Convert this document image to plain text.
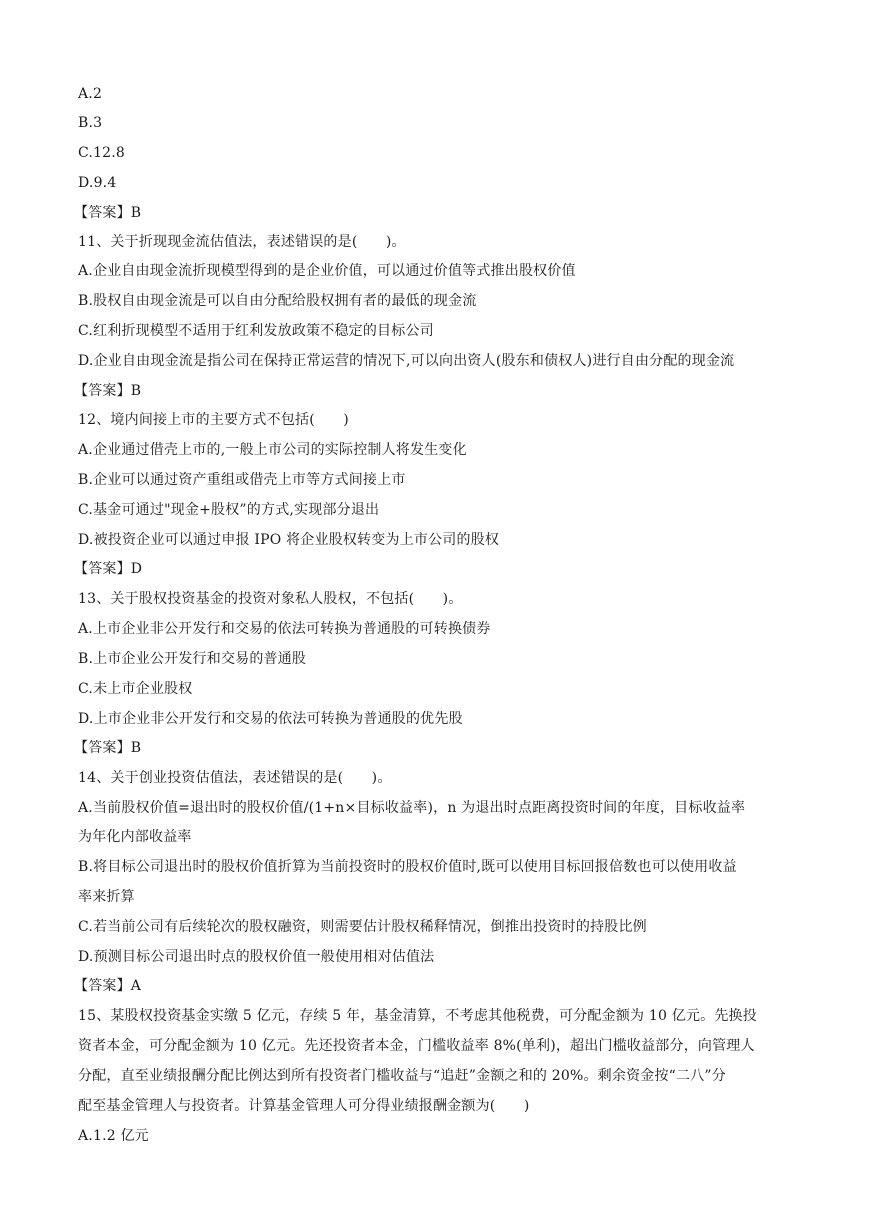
A.2
B.3
C.12.8
D.9.4
【答案】B
11、关于折现现金流估值法，表述错误的是(　　)。
A.企业自由现金流折现模型得到的是企业价值，可以通过价值等式推出股权价值
B.股权自由现金流是可以自由分配给股权拥有者的最低的现金流
C.红利折现模型不适用于红利发放政策不稳定的目标公司
D.企业自由现金流是指公司在保持正常运营的情况下,可以向出资人(股东和债权人)进行自由分配的现金流
【答案】B
12、境内间接上市的主要方式不包括(　　)
A.企业通过借壳上市的,一般上市公司的实际控制人将发生变化
B.企业可以通过资产重组或借壳上市等方式间接上市
C.基金可通过"现金+股权”的方式,实现部分退出
D.被投资企业可以通过申报 IPO 将企业股权转变为上市公司的股权
【答案】D
13、关于股权投资基金的投资对象私人股权，不包括(　　)。
A.上市企业非公开发行和交易的依法可转换为普通股的可转换债券
B.上市企业公开发行和交易的普通股
C.未上市企业股权
D.上市企业非公开发行和交易的依法可转换为普通股的优先股
【答案】B
14、关于创业投资估值法，表述错误的是(　　)。
A.当前股权价值=退出时的股权价值/(1+n×目标收益率)，n 为退出时点距离投资时间的年度，目标收益率
为年化内部收益率
B.将目标公司退出时的股权价值折算为当前投资时的股权价值时,既可以使用目标回报倍数也可以使用收益
率来折算
C.若当前公司有后续轮次的股权融资，则需要估计股权稀释情况，倒推出投资时的持股比例
D.预测目标公司退出时点的股权价值一般使用相对估值法
【答案】A
15、某股权投资基金实缴 5 亿元，存续 5 年，基金清算，不考虑其他税费，可分配金额为 10 亿元。先换投
资者本金，可分配金额为 10 亿元。先还投资者本金，门槛收益率 8%(单利)，超出门槛收益部分，向管理人
分配，直至业绩报酬分配比例达到所有投资者门槛收益与“追赶”金额之和的 20%。剩余资金按“二八”分
配至基金管理人与投资者。计算基金管理人可分得业绩报酬金额为(　　)
A.1.2 亿元
